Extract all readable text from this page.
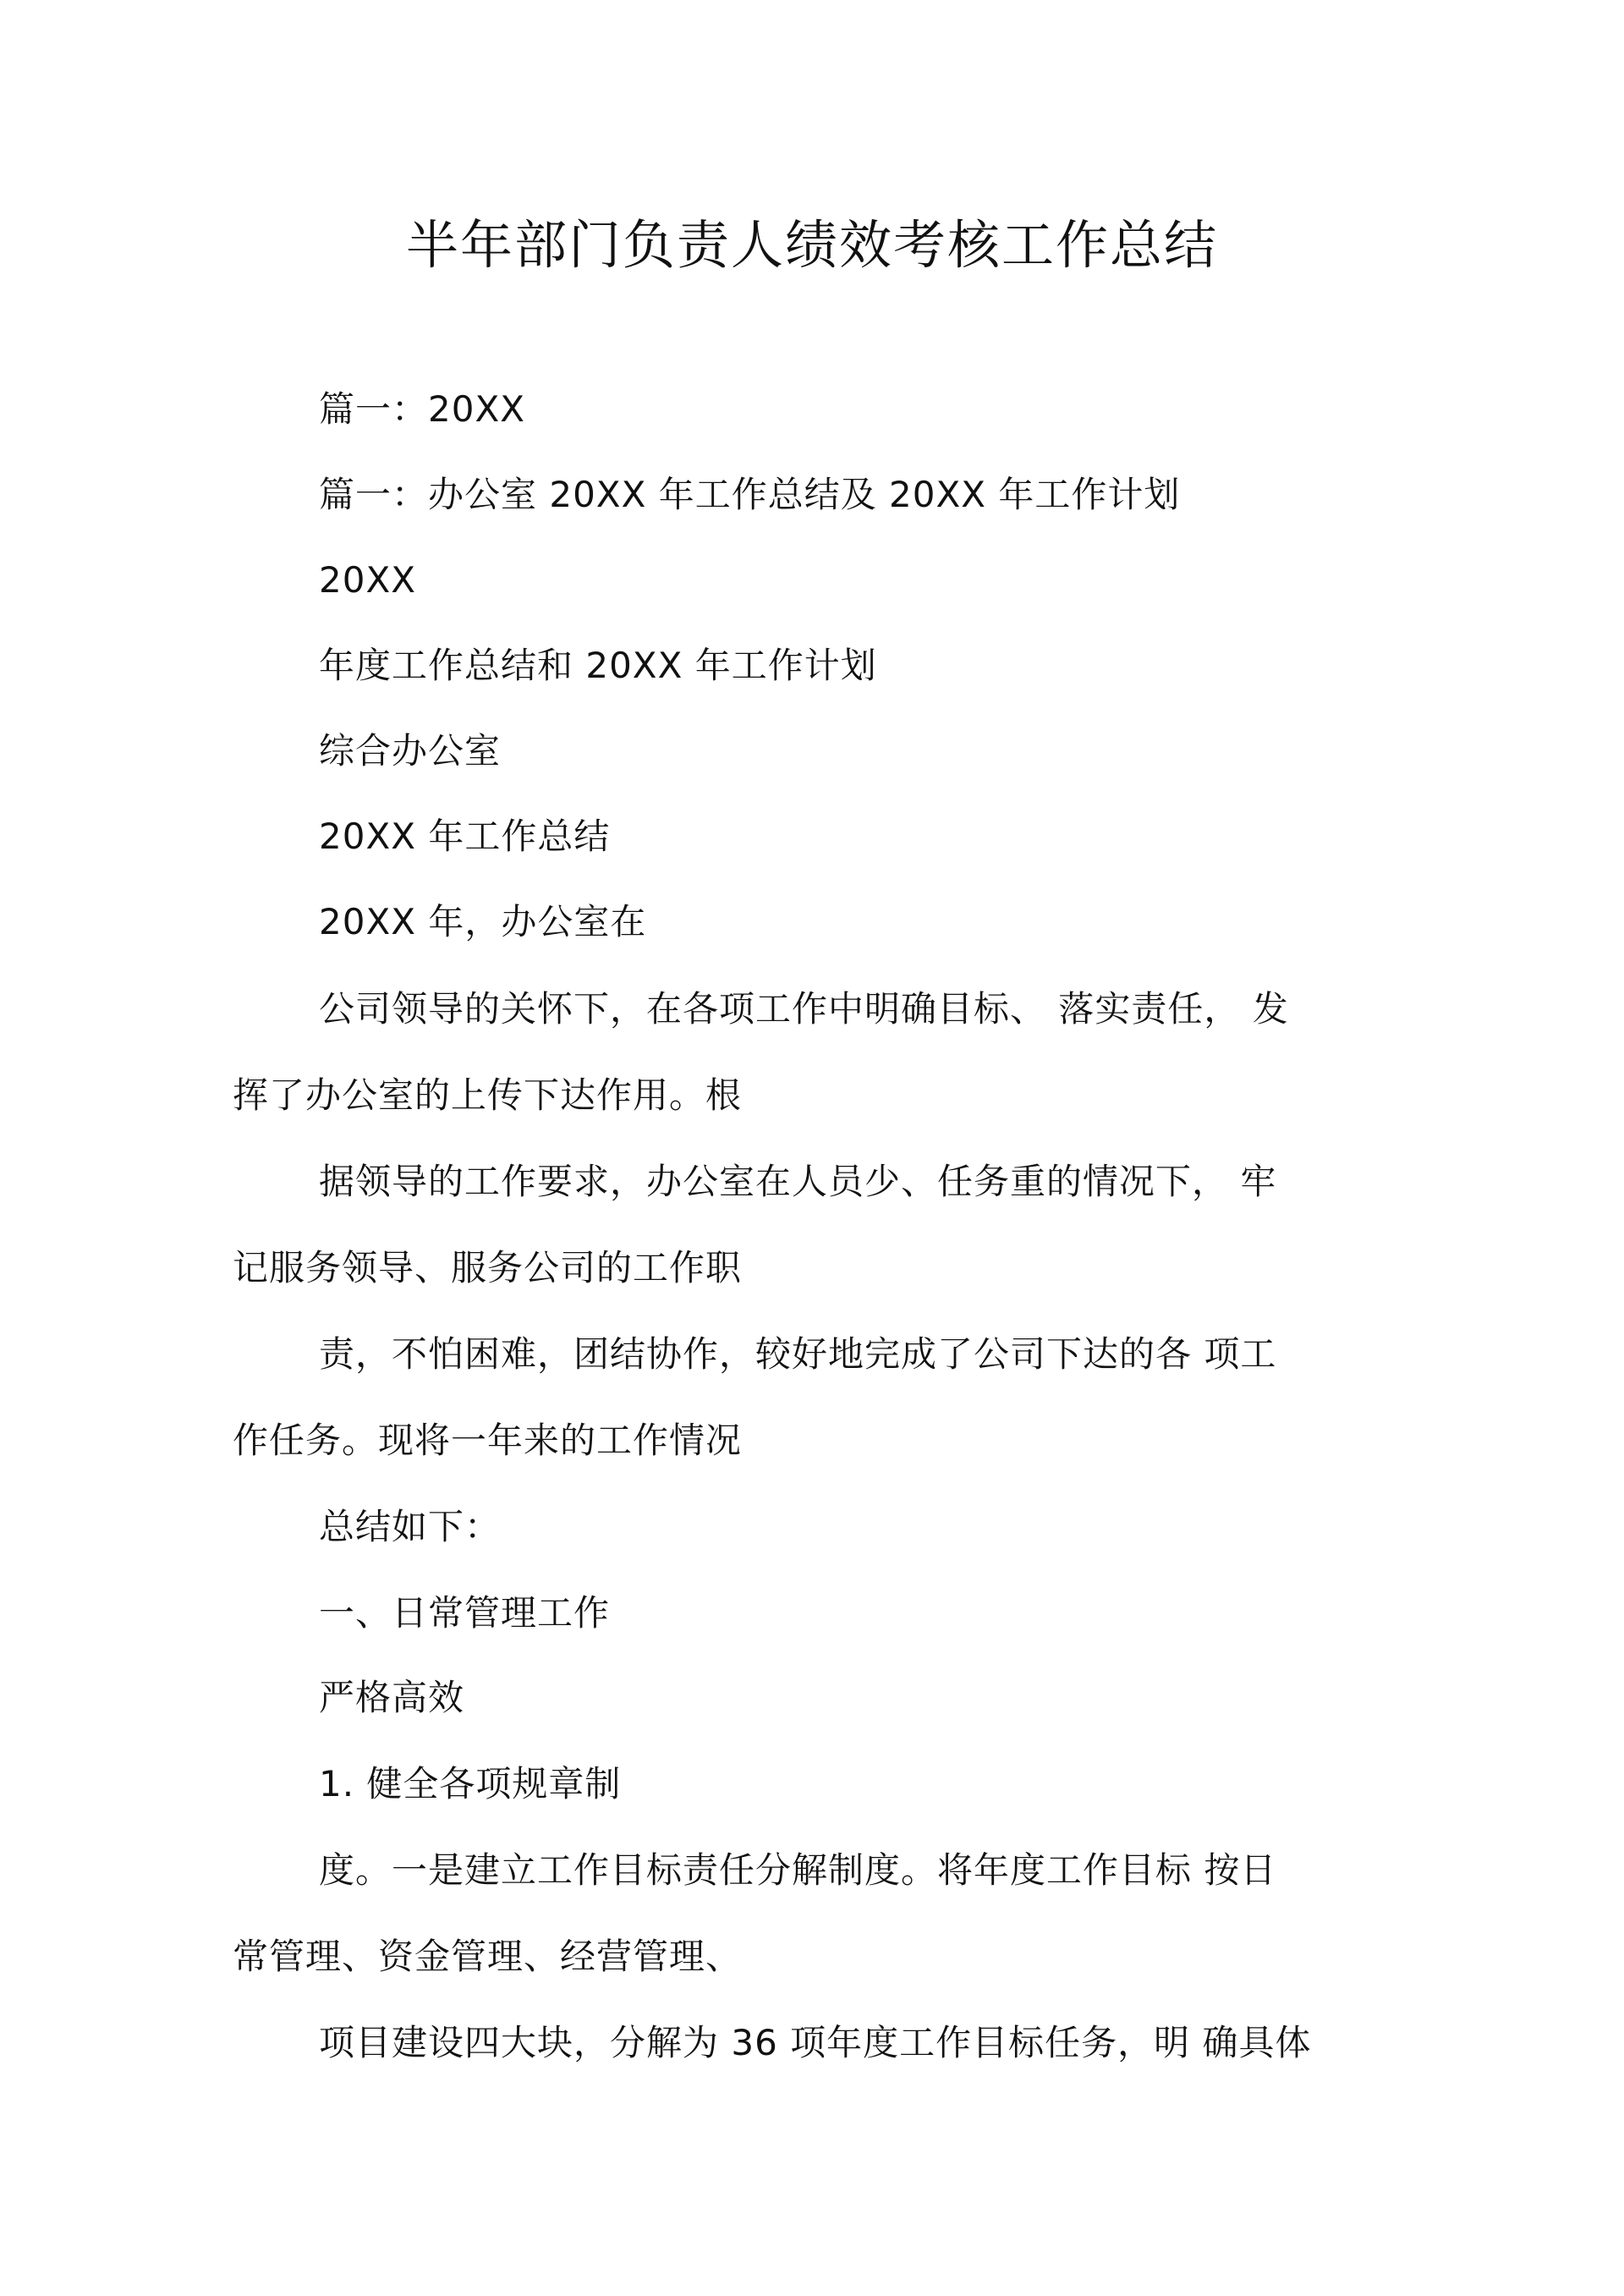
半年部门负责人绩效考核工作总结
篇一：20XX
篇一：办公室 20XX 年工作总结及 20XX 年工作计划
20XX
年度工作总结和 20XX 年工作计划
综合办公室
20XX 年工作总结
20XX 年，办公室在
公司领导的关怀下，在各项工作中明确目标、 落实责任， 发
挥了办公室的上传下达作用。根
据领导的工作要求，办公室在人员少、任务重的情况下， 牢
记服务领导、服务公司的工作职
责，不怕困难，团结协作，较好地完成了公司下达的各 项工
作任务。现将一年来的工作情况
总结如下：
一、日常管理工作
严格高效
1. 健全各项规章制
度。一是建立工作目标责任分解制度。将年度工作目标 按日
常管理、资金管理、经营管理、
项目建设四大块，分解为 36 项年度工作目标任务，明 确具体
